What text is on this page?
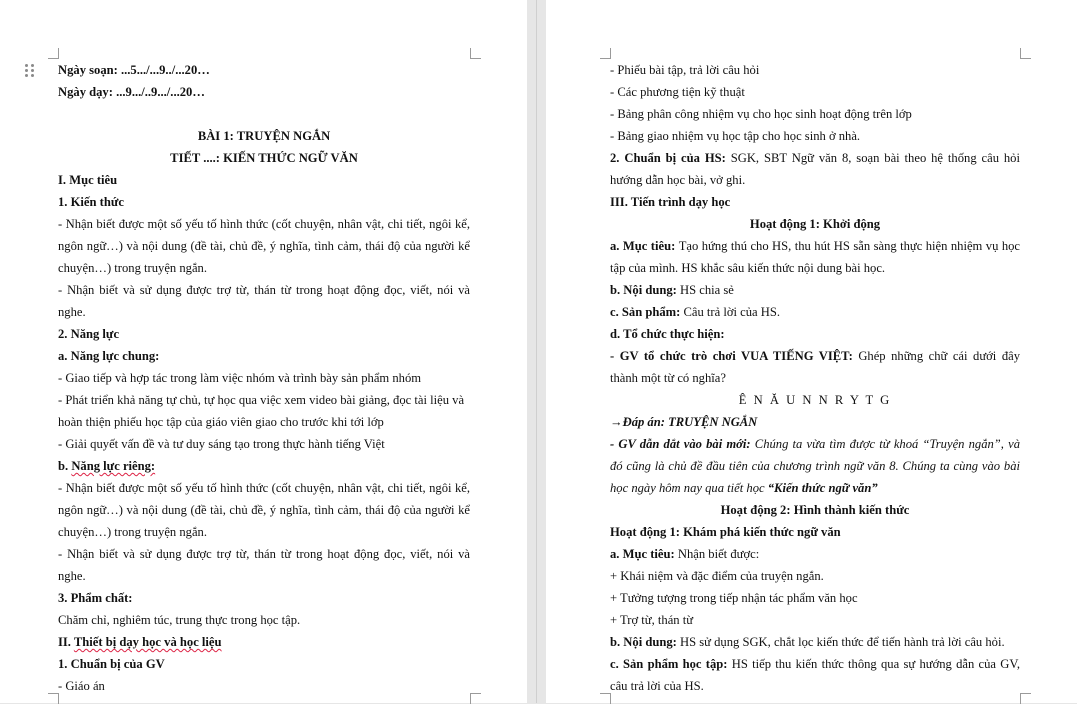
Ngày soạn: ...5.../...9../...20…
Ngày dạy: ...9.../..9.../...20…

BÀI 1: TRUYỆN NGẮN
TIẾT ....: KIẾN THỨC NGỮ VĂN
I. Mục tiêu
1. Kiến thức
- Nhận biết được một số yếu tố hình thức (cốt chuyện, nhân vật, chi tiết, ngôi kể,
ngôn ngữ…) và nội dung (đề tài, chủ đề, ý nghĩa, tình cảm, thái độ của người kể
chuyện…) trong truyện ngắn.
- Nhận biết và sử dụng được trợ từ, thán từ trong hoạt động đọc, viết, nói và
nghe.
2. Năng lực
a. Năng lực chung:
- Giao tiếp và hợp tác trong làm việc nhóm và trình bày sản phẩm nhóm
- Phát triển khả năng tự chủ, tự học qua việc xem video bài giảng, đọc tài liệu và
hoàn thiện phiếu học tập của giáo viên giao cho trước khi tới lớp
- Giải quyết vấn đề và tư duy sáng tạo trong thực hành tiếng Việt
b. Năng lực riêng:
- Nhận biết được một số yếu tố hình thức (cốt chuyện, nhân vật, chi tiết, ngôi kể,
ngôn ngữ…) và nội dung (đề tài, chủ đề, ý nghĩa, tình cảm, thái độ của người kể
chuyện…) trong truyện ngắn.
- Nhận biết và sử dụng được trợ từ, thán từ trong hoạt động đọc, viết, nói và
nghe.
3. Phẩm chất:
Chăm chỉ, nghiêm túc, trung thực trong học tập.
II. Thiết bị dạy học và học liệu
1. Chuẩn bị của GV
- Giáo án
- Phiếu bài tập, trả lời câu hỏi
- Các phương tiện kỹ thuật
- Bảng phân công nhiệm vụ cho học sinh hoạt động trên lớp
- Bảng giao nhiệm vụ học tập cho học sinh ở nhà.
2. Chuẩn bị của HS: SGK, SBT Ngữ văn 8, soạn bài theo hệ thống câu hỏi
hướng dẫn học bài, vở ghi.
III. Tiến trình dạy học
Hoạt động 1: Khởi động
a. Mục tiêu: Tạo hứng thú cho HS, thu hút HS sẵn sàng thực hiện nhiệm vụ học
tập của mình. HS khắc sâu kiến thức nội dung bài học.
b. Nội dung: HS chia sẻ
c. Sản phẩm: Câu trả lời của HS.
d. Tổ chức thực hiện:
- GV tổ chức trò chơi VUA TIẾNG VIỆT: Ghép những chữ cái dưới đây
thành một từ có nghĩa?
Ê N Ă U N N R Y T G
→Đáp án: TRUYỆN NGẮN
- GV dẫn dắt vào bài mới: Chúng ta vừa tìm được từ khoá “Truyện ngắn”, và
đó cũng là chủ đề đầu tiên của chương trình ngữ văn 8. Chúng ta cùng vào bài
học ngày hôm nay qua tiết học “Kiến thức ngữ văn”
Hoạt động 2: Hình thành kiến thức
Hoạt động 1: Khám phá kiến thức ngữ văn
a. Mục tiêu: Nhận biết được:
+ Khái niệm và đặc điểm của truyện ngắn.
+ Tưởng tượng trong tiếp nhận tác phẩm văn học
+ Trợ từ, thán từ
b. Nội dung: HS sử dụng SGK, chắt lọc kiến thức để tiến hành trả lời câu hỏi.
c. Sản phẩm học tập: HS tiếp thu kiến thức thông qua sự hướng dẫn của GV,
câu trả lời của HS.
